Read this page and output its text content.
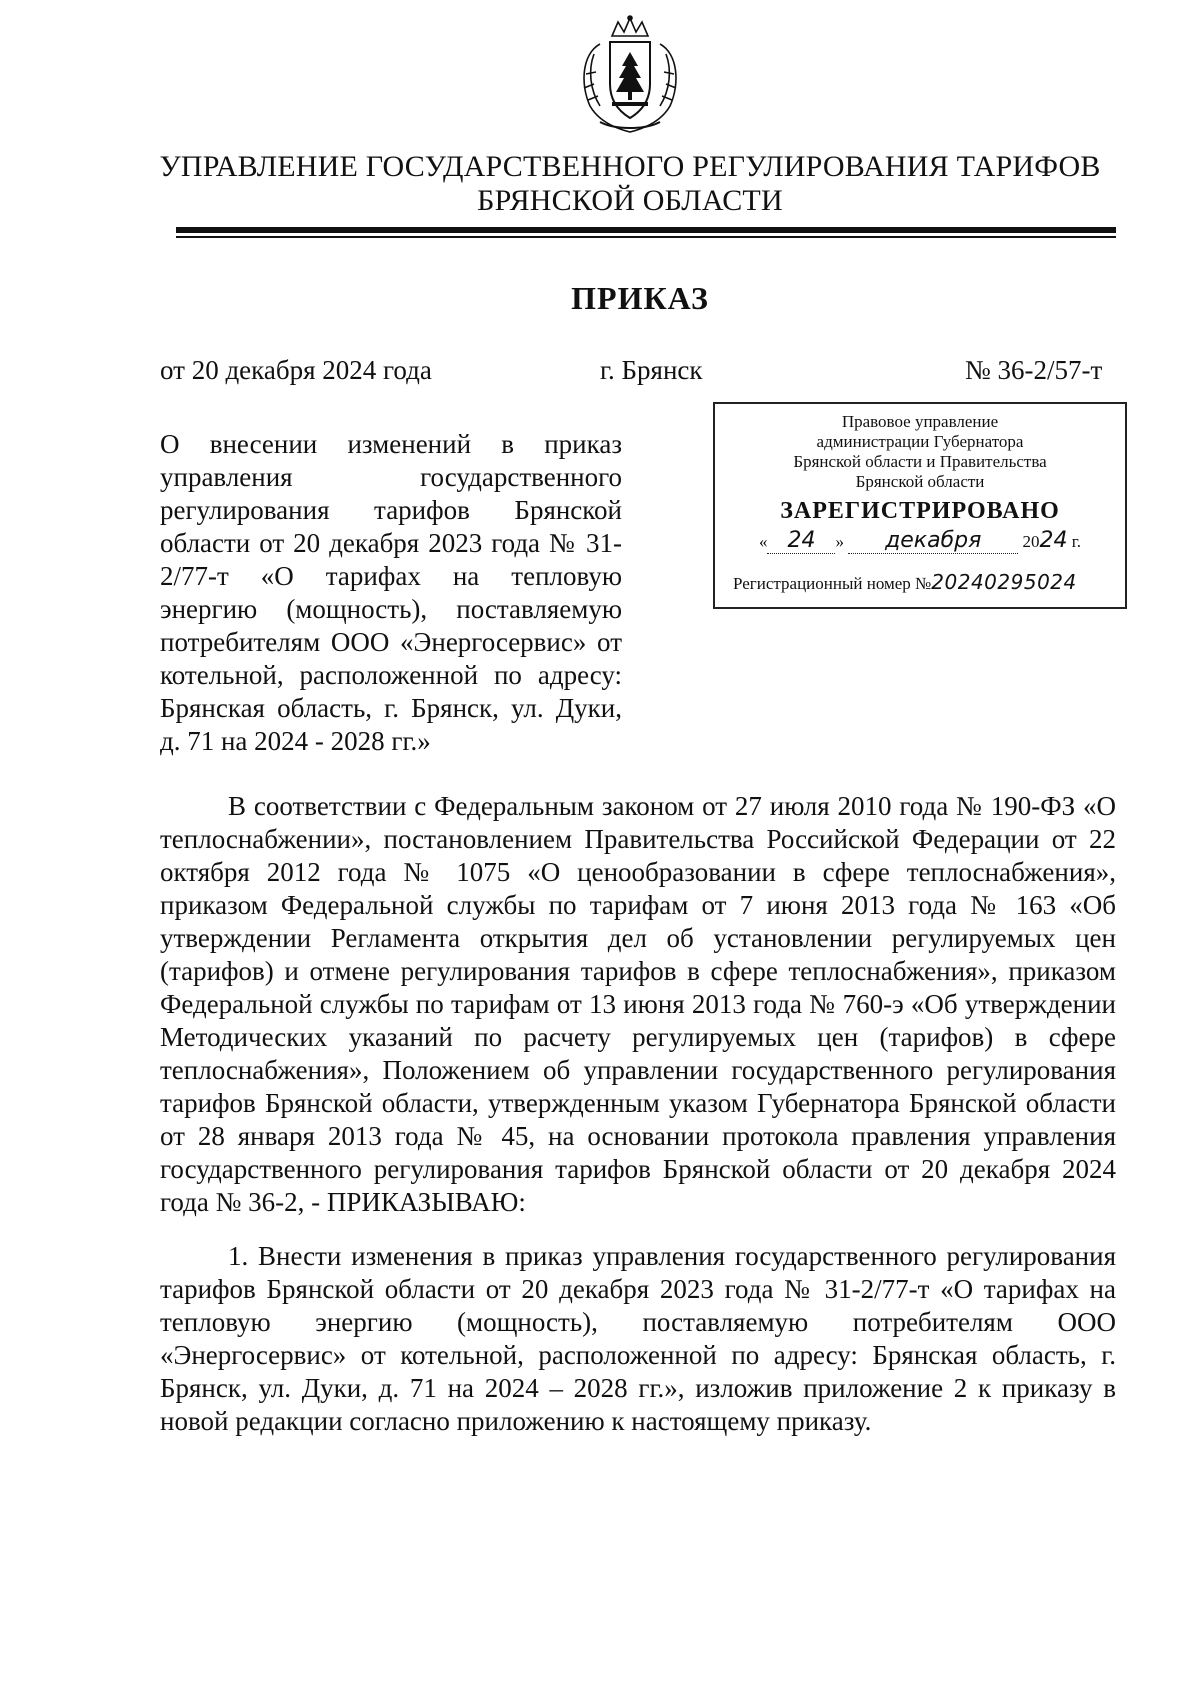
УПРАВЛЕНИЕ ГОСУДАРСТВЕННОГО РЕГУЛИРОВАНИЯ ТАРИФОВ
БРЯНСКОЙ ОБЛАСТИ
ПРИКАЗ
от 20 декабря 2024 года	г. Брянск	№ 36-2/57-т
Правовое управление
администрации Губернатора
Брянской области и Правительства
Брянской области
ЗАРЕГИСТРИРОВАНО
« 24 » декабря 2024 г.
Регистрационный номер №20240295024
О внесении изменений в приказ управления государственного регулирования тарифов Брянской области от 20 декабря 2023 года № 31-2/77-т «О тарифах на тепловую энергию (мощность), поставляемую потребителям ООО «Энергосервис» от котельной, расположенной по адресу: Брянская область, г. Брянск, ул. Дуки, д. 71 на 2024 - 2028 гг.»
В соответствии с Федеральным законом от 27 июля 2010 года № 190-ФЗ «О теплоснабжении», постановлением Правительства Российской Федерации от 22 октября 2012 года № 1075 «О ценообразовании в сфере теплоснабжения», приказом Федеральной службы по тарифам от 7 июня 2013 года № 163 «Об утверждении Регламента открытия дел об установлении регулируемых цен (тарифов) и отмене регулирования тарифов в сфере теплоснабжения», приказом Федеральной службы по тарифам от 13 июня 2013 года № 760-э «Об утверждении Методических указаний по расчету регулируемых цен (тарифов) в сфере теплоснабжения», Положением об управлении государственного регулирования тарифов Брянской области, утвержденным указом Губернатора Брянской области от 28 января 2013 года № 45, на основании протокола правления управления государственного регулирования тарифов Брянской области от 20 декабря 2024 года № 36-2, - ПРИКАЗЫВАЮ:
1. Внести изменения в приказ управления государственного регулирования тарифов Брянской области от 20 декабря 2023 года № 31-2/77-т «О тарифах на тепловую энергию (мощность), поставляемую потребителям ООО «Энергосервис» от котельной, расположенной по адресу: Брянская область, г. Брянск, ул. Дуки, д. 71 на 2024 – 2028 гг.», изложив приложение 2 к приказу в новой редакции согласно приложению к настоящему приказу.
